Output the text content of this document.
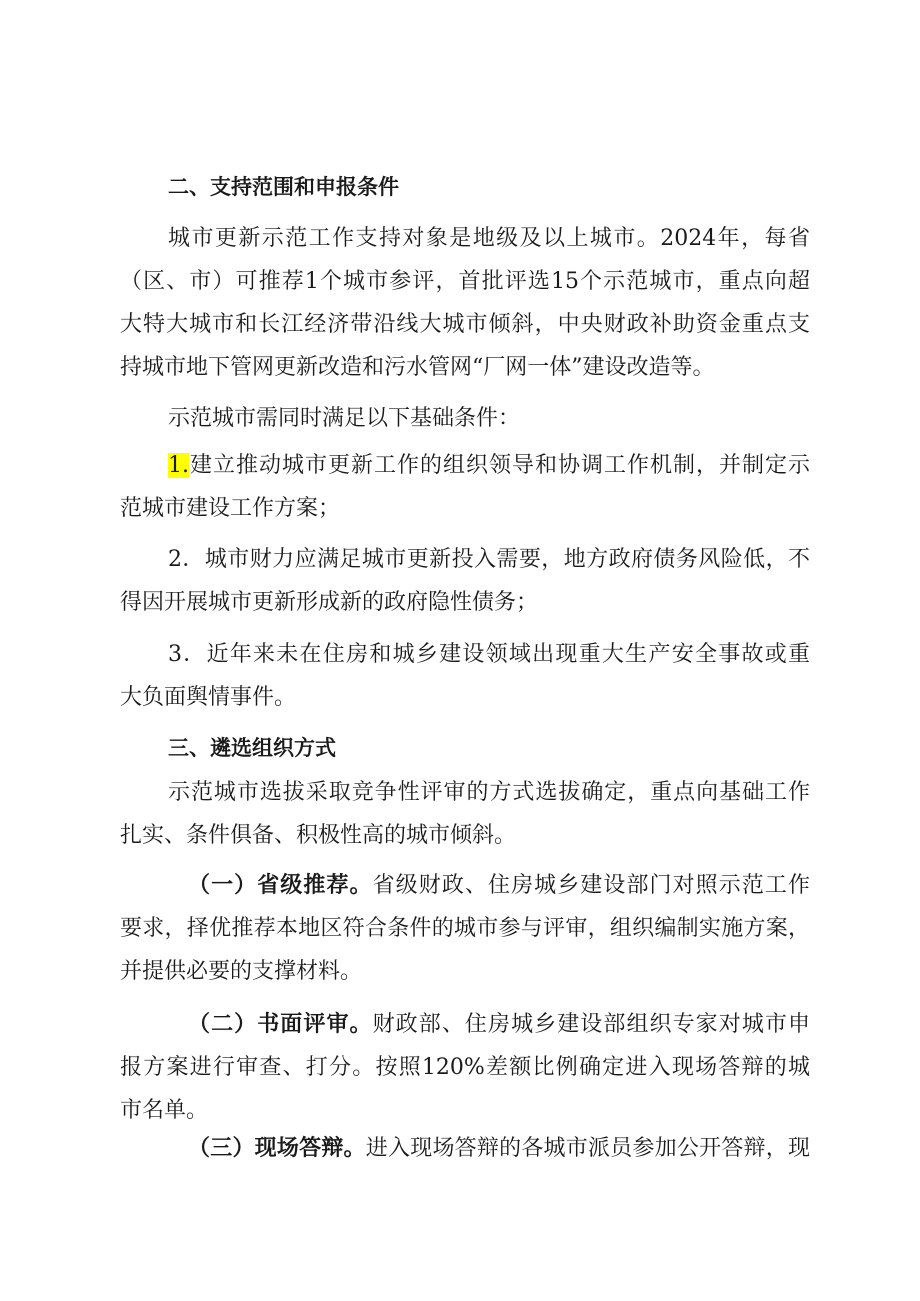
二、支持范围和申报条件
城市更新示范工作支持对象是地级及以上城市。2024年，每省
（区、市）可推荐1个城市参评，首批评选15个示范城市，重点向超
大特大城市和长江经济带沿线大城市倾斜，中央财政补助资金重点支
持城市地下管网更新改造和污水管网“厂网一体”建设改造等。
示范城市需同时满足以下基础条件：
1.建立推动城市更新工作的组织领导和协调工作机制，并制定示
范城市建设工作方案；
2．城市财力应满足城市更新投入需要，地方政府债务风险低，不
得因开展城市更新形成新的政府隐性债务；
3．近年来未在住房和城乡建设领域出现重大生产安全事故或重
大负面舆情事件。
三、遴选组织方式
示范城市选拔采取竞争性评审的方式选拔确定，重点向基础工作
扎实、条件俱备、积极性高的城市倾斜。
（一）省级推荐。省级财政、住房城乡建设部门对照示范工作
要求，择优推荐本地区符合条件的城市参与评审，组织编制实施方案，
并提供必要的支撑材料。
（二）书面评审。财政部、住房城乡建设部组织专家对城市申
报方案进行审查、打分。按照120%差额比例确定进入现场答辩的城
市名单。
（三）现场答辩。进入现场答辩的各城市派员参加公开答辩，现
